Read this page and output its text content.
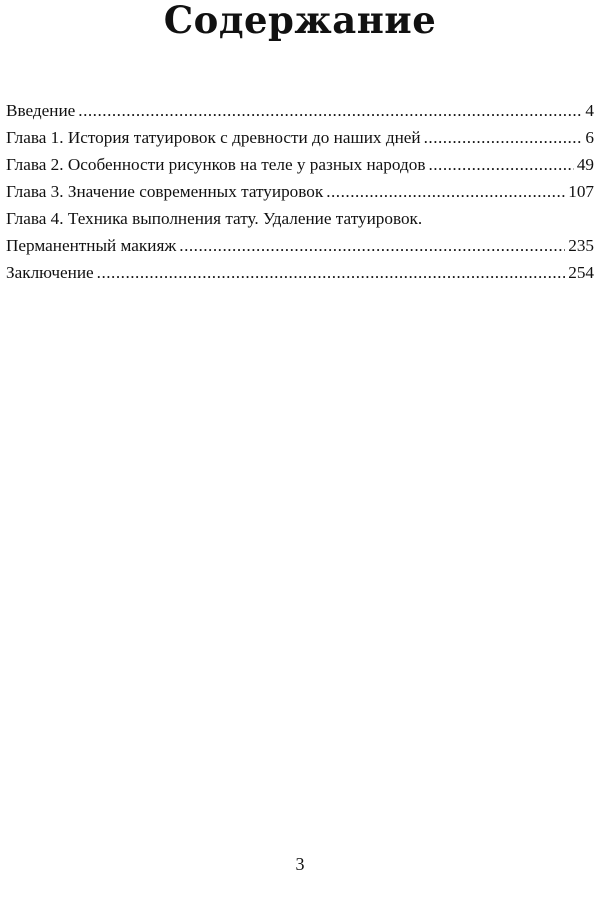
Содержание
Введение .....	4
Глава 1. История татуировок с древности до наших дней .....	6
Глава 2. Особенности рисунков на теле у разных народов .....	49
Глава 3. Значение современных татуировок .....	107
Глава 4. Техника выполнения тату. Удаление татуировок.
Перманентный макияж .....	235
Заключение .....	254
3
